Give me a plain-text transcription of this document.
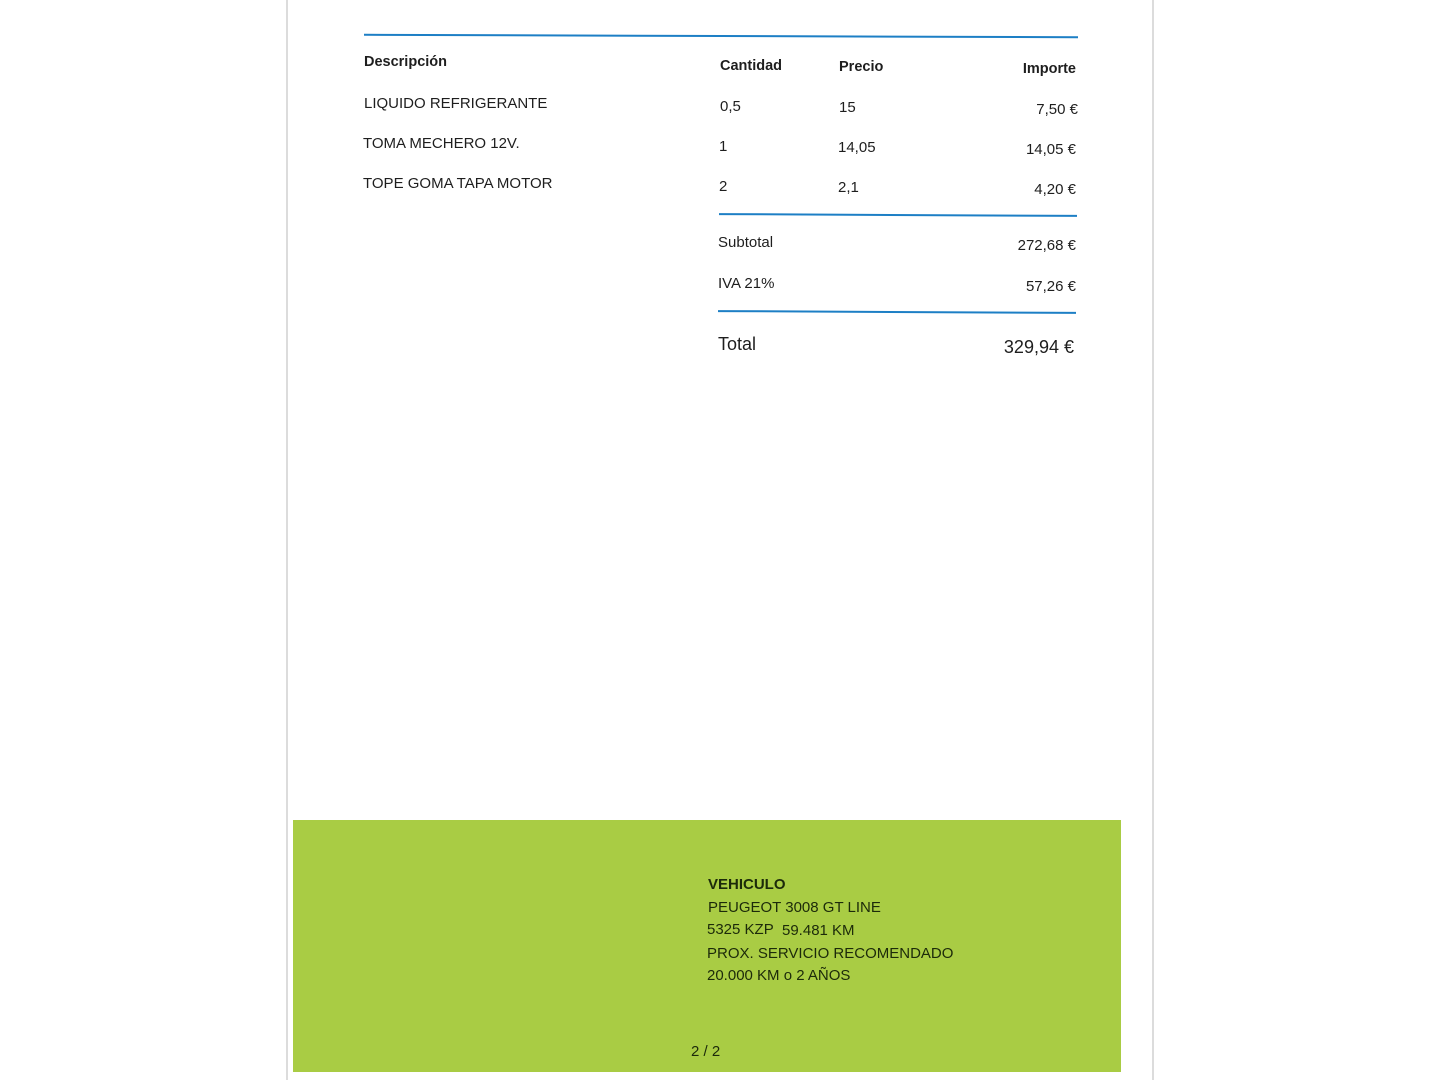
Descripción	Cantidad	Precio	Importe
LIQUIDO REFRIGERANTE	0,5	15	7,50 €
TOMA MECHERO 12V.	1	14,05	14,05 €
TOPE GOMA TAPA MOTOR	2	2,1	4,20 €
Subtotal	272,68 €
IVA 21%	57,26 €
Total	329,94 €
VEHICULO
PEUGEOT 3008 GT LINE
5325 KZP 59.481 KM
PROX. SERVICIO RECOMENDADO
20.000 KM o 2 AÑOS
2 / 2
